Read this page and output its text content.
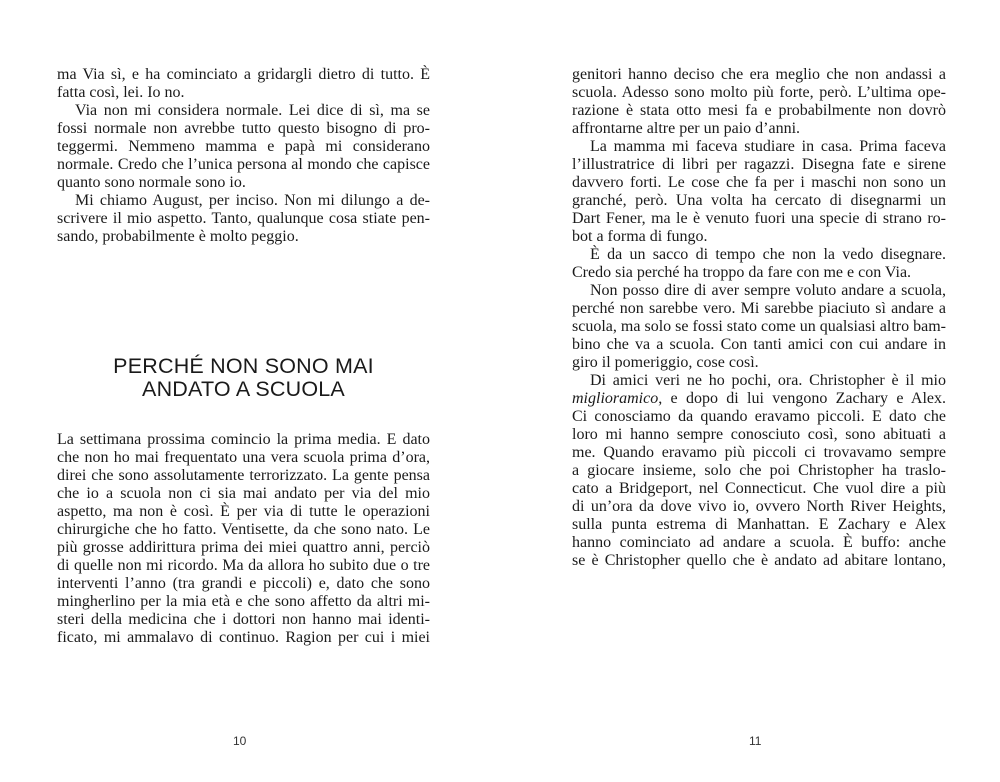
ma Via sì, e ha cominciato a gridargli dietro di tutto. È
fatta così, lei. Io no.
Via non mi considera normale. Lei dice di sì, ma se
fossi normale non avrebbe tutto questo bisogno di pro-
teggermi. Nemmeno mamma e papà mi considerano
normale. Credo che l’unica persona al mondo che capisce
quanto sono normale sono io.
Mi chiamo August, per inciso. Non mi dilungo a de-
scrivere il mio aspetto. Tanto, qualunque cosa stiate pen-
sando, probabilmente è molto peggio.
PERCHÉ NON SONO MAI
ANDATO A SCUOLA
La settimana prossima comincio la prima media. E dato
che non ho mai frequentato una vera scuola prima d’ora,
direi che sono assolutamente terrorizzato. La gente pensa
che io a scuola non ci sia mai andato per via del mio
aspetto, ma non è così. È per via di tutte le operazioni
chirurgiche che ho fatto. Ventisette, da che sono nato. Le
più grosse addirittura prima dei miei quattro anni, perciò
di quelle non mi ricordo. Ma da allora ho subito due o tre
interventi l’anno (tra grandi e piccoli) e, dato che sono
mingherlino per la mia età e che sono affetto da altri mi-
steri della medicina che i dottori non hanno mai identi-
ficato, mi ammalavo di continuo. Ragion per cui i miei
10
genitori hanno deciso che era meglio che non andassi a
scuola. Adesso sono molto più forte, però. L’ultima ope-
razione è stata otto mesi fa e probabilmente non dovrò
affrontarne altre per un paio d’anni.
La mamma mi faceva studiare in casa. Prima faceva
l’illustratrice di libri per ragazzi. Disegna fate e sirene
davvero forti. Le cose che fa per i maschi non sono un
granché, però. Una volta ha cercato di disegnarmi un
Dart Fener, ma le è venuto fuori una specie di strano ro-
bot a forma di fungo.
È da un sacco di tempo che non la vedo disegnare.
Credo sia perché ha troppo da fare con me e con Via.
Non posso dire di aver sempre voluto andare a scuola,
perché non sarebbe vero. Mi sarebbe piaciuto sì andare a
scuola, ma solo se fossi stato come un qualsiasi altro bam-
bino che va a scuola. Con tanti amici con cui andare in
giro il pomeriggio, cose così.
Di amici veri ne ho pochi, ora. Christopher è il mio
miglioramico, e dopo di lui vengono Zachary e Alex.
Ci conosciamo da quando eravamo piccoli. E dato che
loro mi hanno sempre conosciuto così, sono abituati a
me. Quando eravamo più piccoli ci trovavamo sempre
a giocare insieme, solo che poi Christopher ha traslo-
cato a Bridgeport, nel Connecticut. Che vuol dire a più
di un’ora da dove vivo io, ovvero North River Heights,
sulla punta estrema di Manhattan. E Zachary e Alex
hanno cominciato ad andare a scuola. È buffo: anche
se è Christopher quello che è andato ad abitare lontano,
11
